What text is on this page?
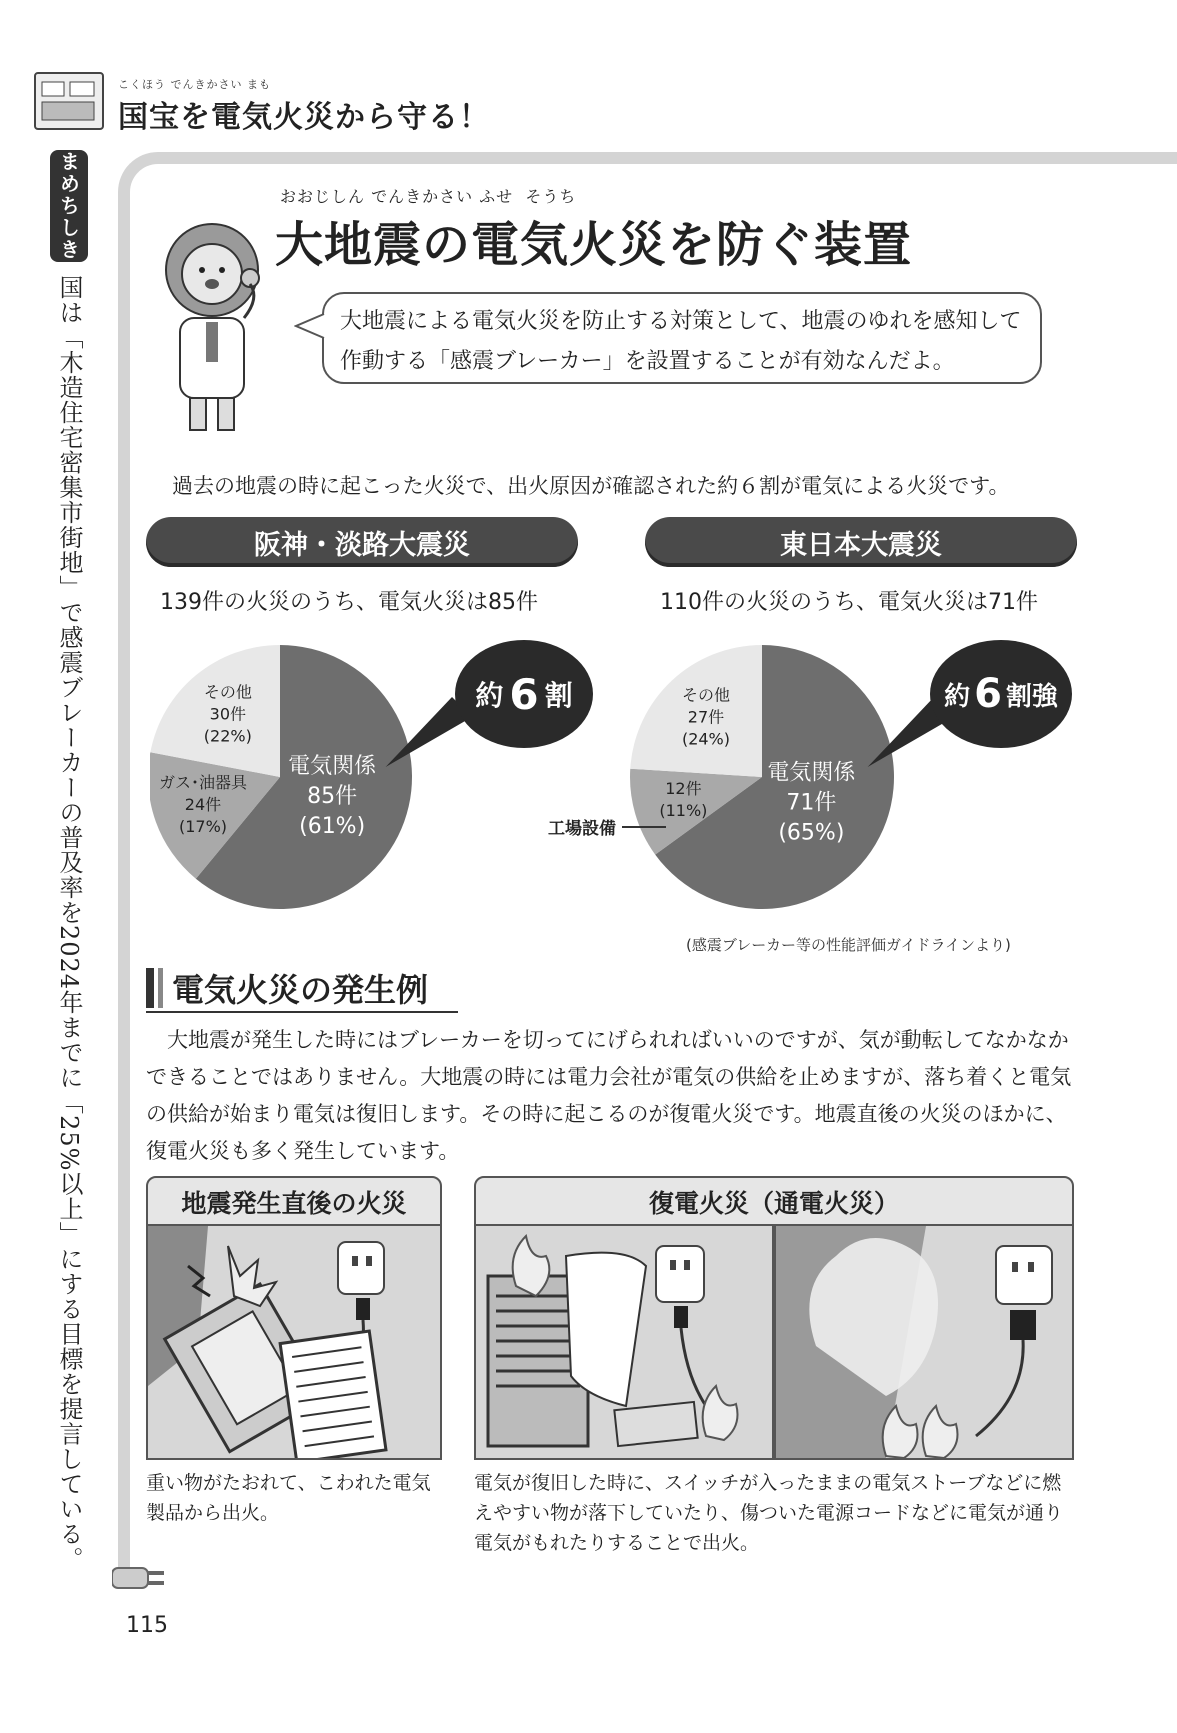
こくほう でんきかさい まも
国宝を電気火災から守る！
まめちしき
国は「木造住宅密集市街地」で感震ブレーカーの普及率を2024年までに「25%以上」にする目標を提言している。
おおじしん でんきかさい ふせ  そうち
大地震の電気火災を防ぐ装置
大地震による電気火災を防止する対策として、地震のゆれを感知して作動する「感震ブレーカー」を設置することが有効なんだよ。
過去の地震の時に起こった火災で、出火原因が確認された約６割が電気による火災です。
阪神・淡路大震災
139件の火災のうち、電気火災は85件
電気関係
85件
(61%)
ガス･油器具
24件
(17%)
その他
30件
(22%)
約 6 割
東日本大震災
110件の火災のうち、電気火災は71件
電気関係
71件
(65%)
12件
(11%)
その他
27件
(24%)
約 6 割強
工場設備
(感震ブレーカー等の性能評価ガイドラインより)
電気火災の発生例
大地震が発生した時にはブレーカーを切ってにげられればいいのですが、気が動転してなかなかできることではありません。大地震の時には電力会社が電気の供給を止めますが、落ち着くと電気の供給が始まり電気は復旧します。その時に起こるのが復電火災です。地震直後の火災のほかに、復電火災も多く発生しています。
地震発生直後の火災
重い物がたおれて、こわれた電気製品から出火。
復電火災（通電火災）
電気が復旧した時に、スイッチが入ったままの電気ストーブなどに燃えやすい物が落下していたり、傷ついた電源コードなどに電気が通り電気がもれたりすることで出火。
115
